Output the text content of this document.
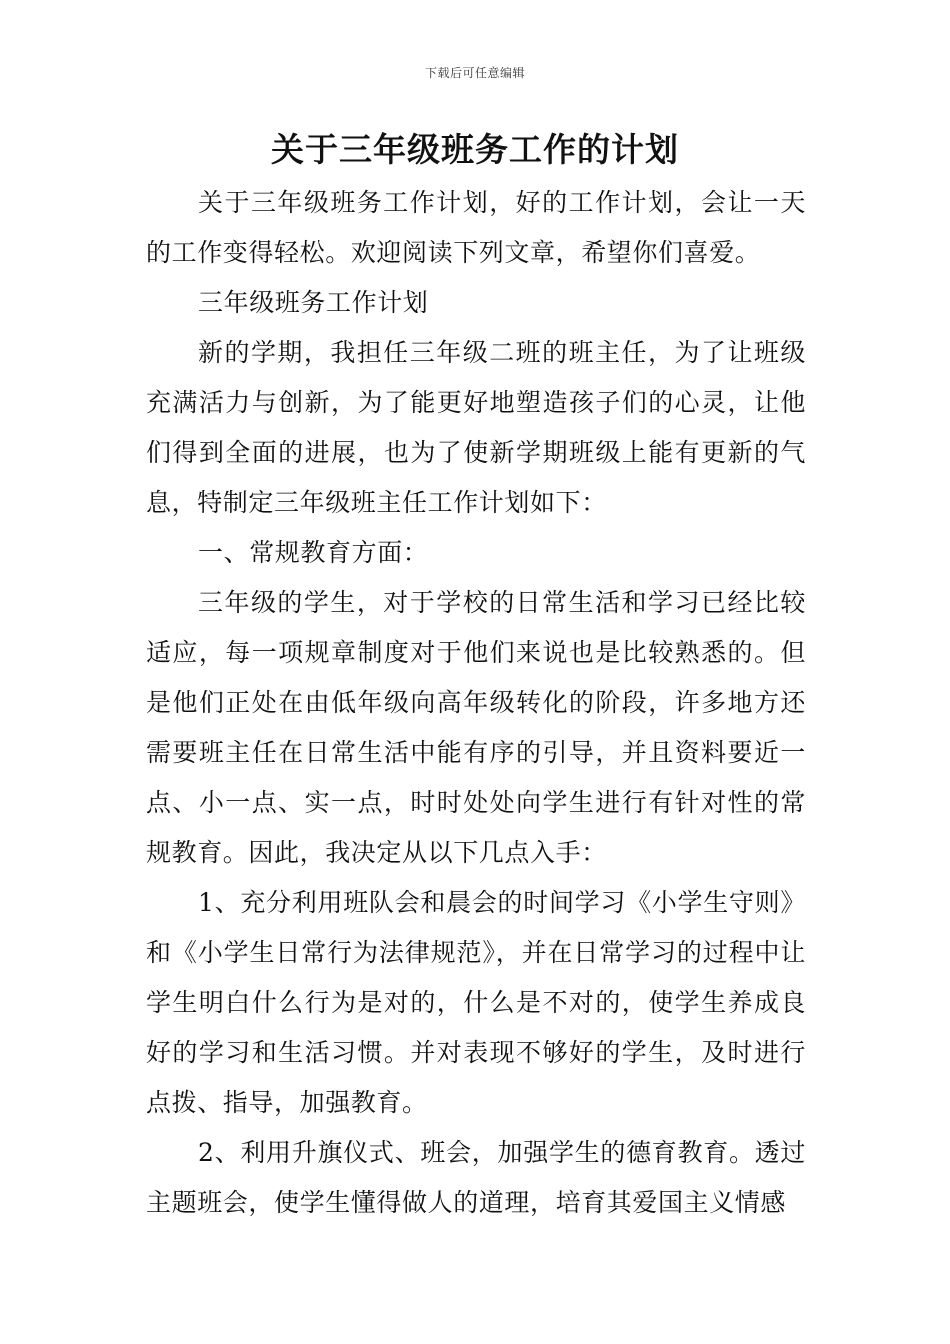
下载后可任意编辑
关于三年级班务工作的计划

关于三年级班务工作计划，好的工作计划，会让一天的工作变得轻松。欢迎阅读下列文章，希望你们喜爱。

三年级班务工作计划

新的学期，我担任三年级二班的班主任，为了让班级充满活力与创新，为了能更好地塑造孩子们的心灵，让他们得到全面的进展，也为了使新学期班级上能有更新的气息，特制定三年级班主任工作计划如下：

一、常规教育方面：

三年级的学生，对于学校的日常生活和学习已经比较适应，每一项规章制度对于他们来说也是比较熟悉的。但是他们正处在由低年级向高年级转化的阶段，许多地方还需要班主任在日常生活中能有序的引导，并且资料要近一点、小一点、实一点，时时处处向学生进行有针对性的常规教育。因此，我决定从以下几点入手：

1、充分利用班队会和晨会的时间学习《小学生守则》和《小学生日常行为法律规范》，并在日常学习的过程中让学生明白什么行为是对的，什么是不对的，使学生养成良好的学习和生活习惯。并对表现不够好的学生，及时进行点拨、指导，加强教育。

2、利用升旗仪式、班会，加强学生的德育教育。透过主题班会，使学生懂得做人的道理，培育其爱国主义情感
